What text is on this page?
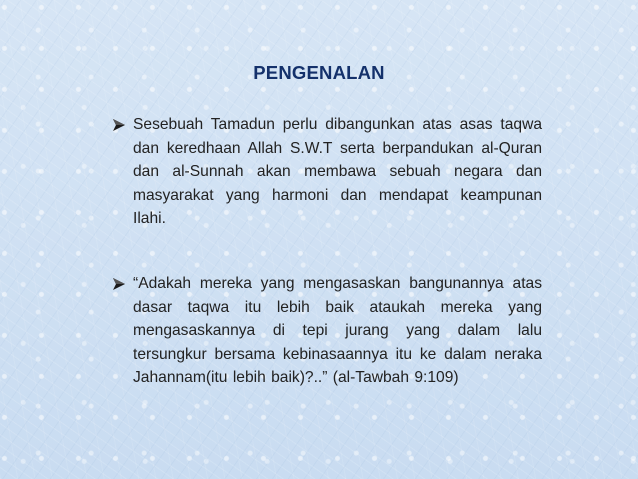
PENGENALAN
Sesebuah Tamadun perlu dibangunkan atas asas taqwa dan keredhaan Allah S.W.T serta berpandukan al-Quran dan al-Sunnah akan membawa sebuah negara dan masyarakat yang harmoni dan mendapat keampunan Ilahi.
“Adakah mereka yang mengasaskan bangunannya atas dasar taqwa itu lebih baik ataukah mereka yang mengasaskannya di tepi jurang yang dalam lalu tersungkur bersama kebinasaannya itu ke dalam neraka Jahannam(itu lebih baik)?..” (al-Tawbah 9:109)
